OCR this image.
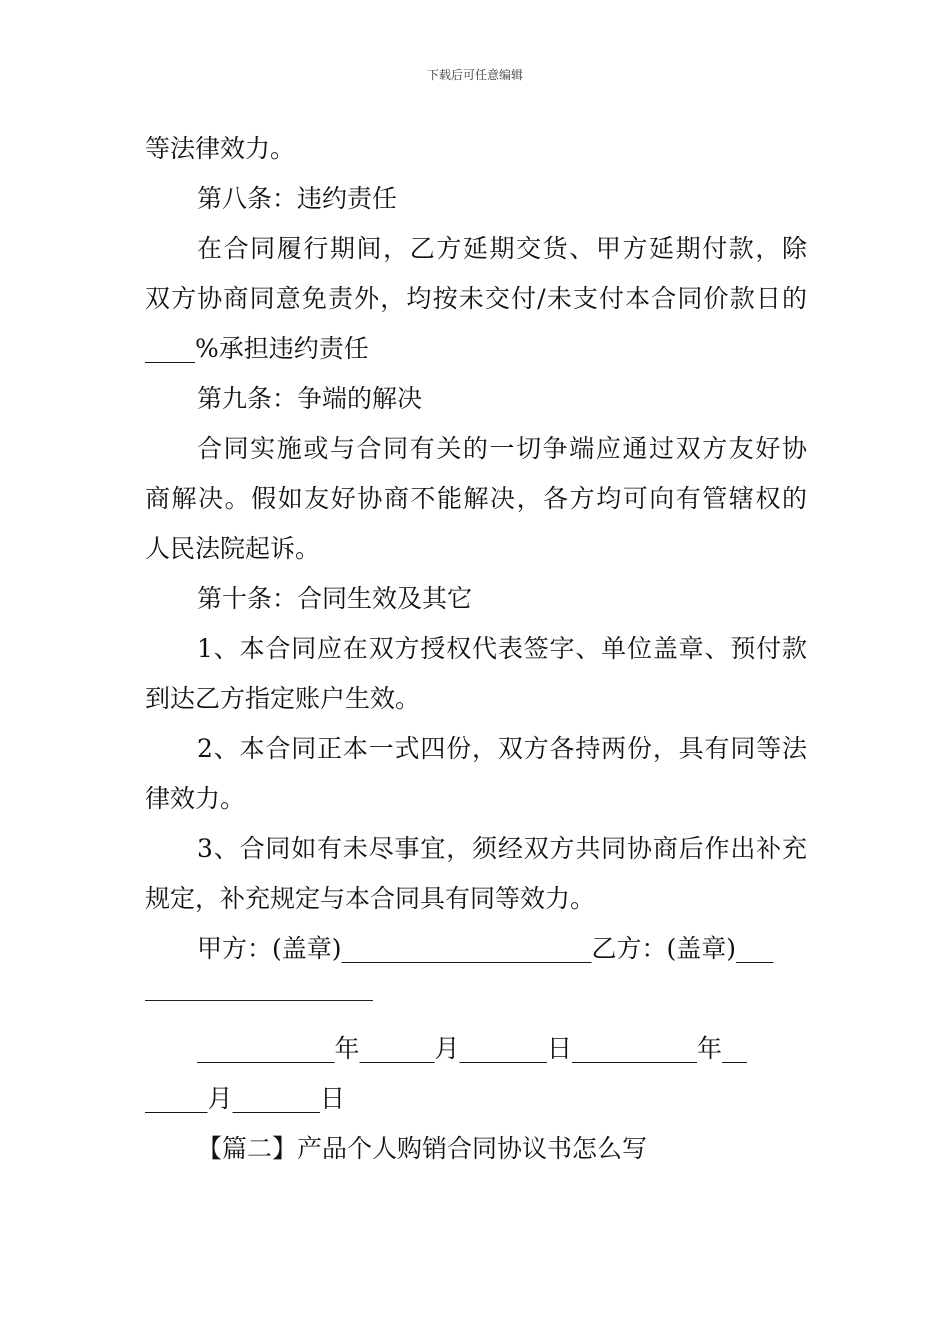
下载后可任意编辑
等法律效力。
第八条：违约责任
在合同履行期间，乙方延期交货、甲方延期付款，除
双方协商同意免责外，均按未交付/未支付本合同价款日的
____%承担违约责任
第九条：争端的解决
合同实施或与合同有关的一切争端应通过双方友好协
商解决。假如友好协商不能解决，各方均可向有管辖权的
人民法院起诉。
第十条：合同生效及其它
1、本合同应在双方授权代表签字、单位盖章、预付款
到达乙方指定账户生效。
2、本合同正本一式四份，双方各持两份，具有同等法
律效力。
3、合同如有未尽事宜，须经双方共同协商后作出补充
规定，补充规定与本合同具有同等效力。
甲方：(盖章)____________________乙方：(盖章)___
___________年______月_______日__________年__
_____月_______日
【篇二】产品个人购销合同协议书怎么写
